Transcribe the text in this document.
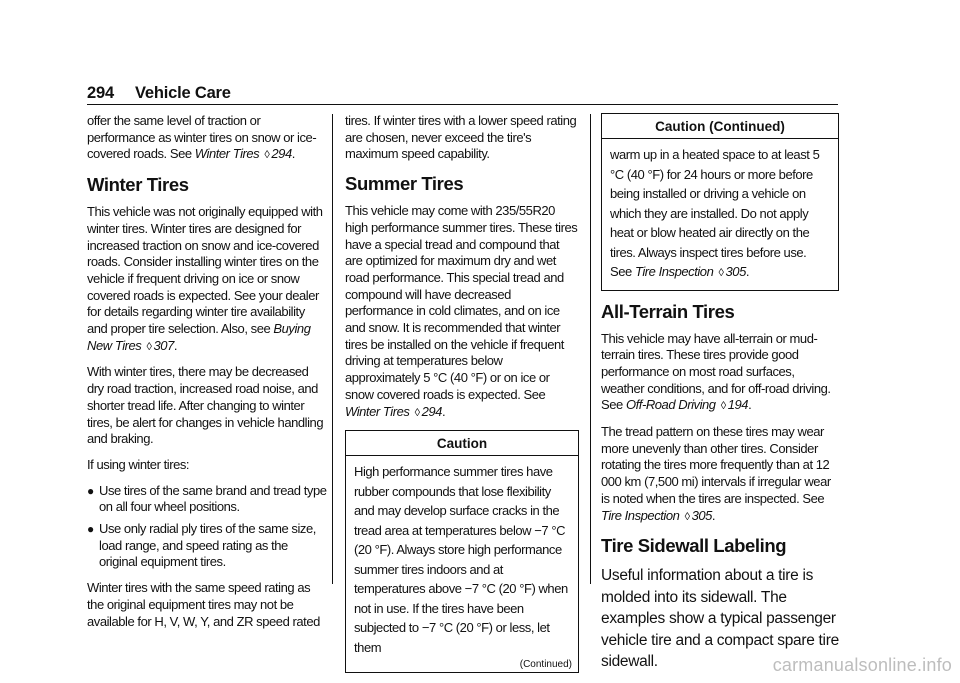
294 Vehicle Care

offer the same level of traction or performance as winter tires on snow or ice-covered roads. See Winter Tires ◊ 294.

Winter Tires

This vehicle was not originally equipped with winter tires. Winter tires are designed for increased traction on snow and ice-covered roads. Consider installing winter tires on the vehicle if frequent driving on ice or snow covered roads is expected. See your dealer for details regarding winter tire availability and proper tire selection. Also, see Buying New Tires ◊ 307.

With winter tires, there may be decreased dry road traction, increased road noise, and shorter tread life. After changing to winter tires, be alert for changes in vehicle handling and braking.

If using winter tires:

● Use tires of the same brand and tread type on all four wheel positions.
● Use only radial ply tires of the same size, load range, and speed rating as the original equipment tires.

Winter tires with the same speed rating as the original equipment tires may not be available for H, V, W, Y, and ZR speed rated

tires. If winter tires with a lower speed rating are chosen, never exceed the tire's maximum speed capability.

Summer Tires

This vehicle may come with 235/55R20 high performance summer tires. These tires have a special tread and compound that are optimized for maximum dry and wet road performance. This special tread and compound will have decreased performance in cold climates, and on ice and snow. It is recommended that winter tires be installed on the vehicle if frequent driving at temperatures below approximately 5 °C (40 °F) or on ice or snow covered roads is expected. See Winter Tires ◊ 294.

Caution

High performance summer tires have rubber compounds that lose flexibility and may develop surface cracks in the tread area at temperatures below −7 °C (20 °F). Always store high performance summer tires indoors and at temperatures above −7 °C (20 °F) when not in use. If the tires have been subjected to −7 °C (20 °F) or less, let them

(Continued)
Caution (Continued)

warm up in a heated space to at least 5 °C (40 °F) for 24 hours or more before being installed or driving a vehicle on which they are installed. Do not apply heat or blow heated air directly on the tires. Always inspect tires before use. See Tire Inspection ◊ 305.

All-Terrain Tires

This vehicle may have all-terrain or mud-terrain tires. These tires provide good performance on most road surfaces, weather conditions, and for off-road driving. See Off-Road Driving ◊ 194.

The tread pattern on these tires may wear more unevenly than other tires. Consider rotating the tires more frequently than at 12 000 km (7,500 mi) intervals if irregular wear is noted when the tires are inspected. See Tire Inspection ◊ 305.

Tire Sidewall Labeling

Useful information about a tire is molded into its sidewall. The examples show a typical passenger vehicle tire and a compact spare tire sidewall.	carmanualsonline.info
